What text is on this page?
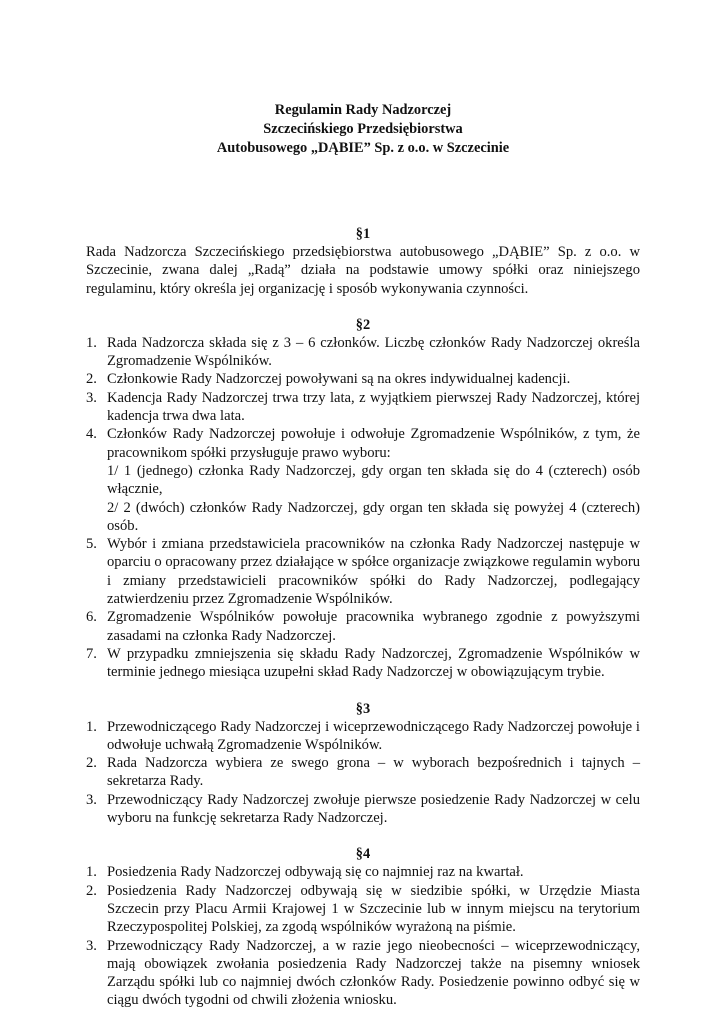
Regulamin Rady Nadzorczej
Szczecińskiego Przedsiębiorstwa
Autobusowego „DĄBIE” Sp. z o.o. w Szczecinie
§1
Rada Nadzorcza Szczecińskiego przedsiębiorstwa autobusowego „DĄBIE” Sp. z o.o. w Szczecinie, zwana dalej „Radą” działa na podstawie umowy spółki oraz niniejszego regulaminu, który określa jej organizację i sposób wykonywania czynności.
§2
1. Rada Nadzorcza składa się z 3 – 6 członków. Liczbę członków Rady Nadzorczej określa Zgromadzenie Wspólników.
2. Członkowie Rady Nadzorczej powoływani są na okres indywidualnej kadencji.
3. Kadencja Rady Nadzorczej trwa trzy lata, z wyjątkiem pierwszej Rady Nadzorczej, której kadencja trwa dwa lata.
4. Członków Rady Nadzorczej powołuje i odwołuje Zgromadzenie Wspólników, z tym, że pracownikom spółki przysługuje prawo wyboru:
1/ 1 (jednego) członka Rady Nadzorczej, gdy organ ten składa się do 4 (czterech) osób włącznie,
2/ 2 (dwóch) członków Rady Nadzorczej, gdy organ ten składa się powyżej 4 (czterech) osób.
5. Wybór i zmiana przedstawiciela pracowników na członka Rady Nadzorczej następuje w oparciu o opracowany przez działające w spółce organizacje związkowe regulamin wyboru i zmiany przedstawicieli pracowników spółki do Rady Nadzorczej, podlegający zatwierdzeniu przez Zgromadzenie Wspólników.
6. Zgromadzenie Wspólników powołuje pracownika wybranego zgodnie z powyższymi zasadami na członka Rady Nadzorczej.
7. W przypadku zmniejszenia się składu Rady Nadzorczej, Zgromadzenie Wspólników w terminie jednego miesiąca uzupełni skład Rady Nadzorczej w obowiązującym trybie.
§3
1. Przewodniczącego Rady Nadzorczej i wiceprzewodniczącego Rady Nadzorczej powołuje i odwołuje uchwałą Zgromadzenie Wspólników.
2. Rada Nadzorcza wybiera ze swego grona – w wyborach bezpośrednich i tajnych – sekretarza Rady.
3. Przewodniczący Rady Nadzorczej zwołuje pierwsze posiedzenie Rady Nadzorczej w celu wyboru na funkcję sekretarza Rady Nadzorczej.
§4
1. Posiedzenia Rady Nadzorczej odbywają się co najmniej raz na kwartał.
2. Posiedzenia Rady Nadzorczej odbywają się w siedzibie spółki, w Urzędzie Miasta Szczecin przy Placu Armii Krajowej 1 w Szczecinie lub w innym miejscu na terytorium Rzeczypospolitej Polskiej, za zgodą wspólników wyrażoną na piśmie.
3. Przewodniczący Rady Nadzorczej, a w razie jego nieobecności – wiceprzewodniczący, mają obowiązek zwołania posiedzenia Rady Nadzorczej także na pisemny wniosek Zarządu spółki lub co najmniej dwóch członków Rady. Posiedzenie powinno odbyć się w ciągu dwóch tygodni od chwili złożenia wniosku.
